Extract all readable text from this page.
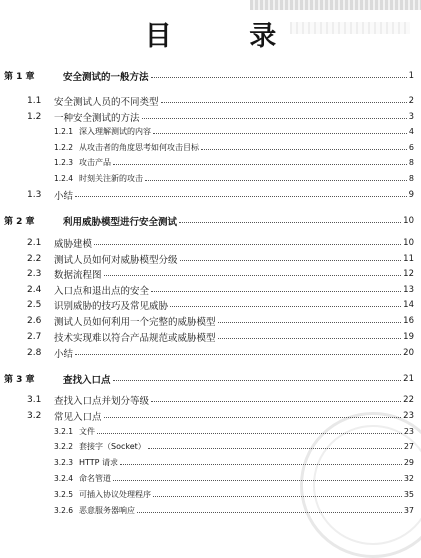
目 录
第 1 章	安全测试的一般方法	1
1.1 安全测试人员的不同类型	2
1.2 一种安全测试的方法	3
1.2.1 深入理解测试的内容	4
1.2.2 从攻击者的角度思考如何攻击目标	6
1.2.3 攻击产品	8
1.2.4 时刻关注新的攻击	8
1.3 小结	9
第 2 章	利用威胁模型进行安全测试	10
2.1 威胁建模	10
2.2 测试人员如何对威胁模型分级	11
2.3 数据流程图	12
2.4 入口点和退出点的安全	13
2.5 识别威胁的技巧及常见威胁	14
2.6 测试人员如何利用一个完整的威胁模型	16
2.7 技术实现难以符合产品规范或威胁模型	19
2.8 小结	20
第 3 章	查找入口点	21
3.1 查找入口点并划分等级	22
3.2 常见入口点	23
3.2.1 文件	23
3.2.2 套接字（Socket）	27
3.2.3 HTTP 请求	29
3.2.4 命名管道	32
3.2.5 可插入协议处理程序	35
3.2.6 恶意服务器响应	37
